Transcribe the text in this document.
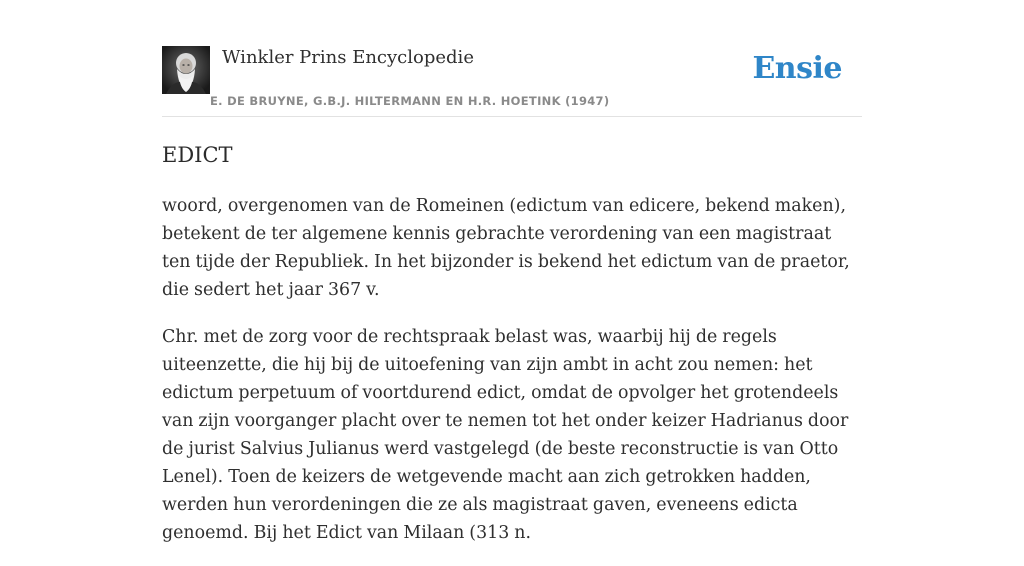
Winkler Prins Encyclopedie
E. DE BRUYNE, G.B.J. HILTERMANN EN H.R. HOETINK (1947)
Ensie
EDICT

woord, overgenomen van de Romeinen (edictum van edicere, bekend maken), betekent de ter algemene kennis gebrachte verordening van een magistraat ten tijde der Republiek. In het bijzonder is bekend het edictum van de praetor, die sedert het jaar 367 v.

Chr. met de zorg voor de rechtspraak belast was, waarbij hij de regels uiteenzette, die hij bij de uitoefening van zijn ambt in acht zou nemen: het edictum perpetuum of voortdurend edict, omdat de opvolger het grotendeels van zijn voorganger placht over te nemen tot het onder keizer Hadrianus door de jurist Salvius Julianus werd vastgelegd (de beste reconstructie is van Otto Lenel). Toen de keizers de wetgevende macht aan zich getrokken hadden, werden hun verordeningen die ze als magistraat gaven, eveneens edicta genoemd. Bij het Edict van Milaan (313 n.
